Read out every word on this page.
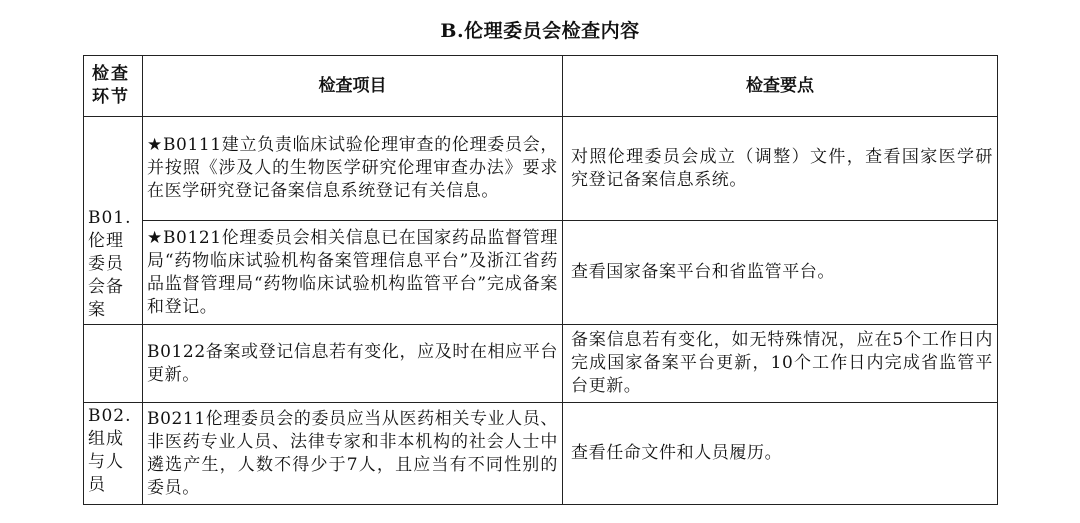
B.伦理委员会检查内容
检查环节	检查项目	检查要点
B01.伦理委员会备案	★B0111建立负责临床试验伦理审查的伦理委员会，并按照《涉及人的生物医学研究伦理审查办法》要求在医学研究登记备案信息系统登记有关信息。	对照伦理委员会成立（调整）文件，查看国家医学研究登记备案信息系统。
	★B0121伦理委员会相关信息已在国家药品监督管理局“药物临床试验机构备案管理信息平台”及浙江省药品监督管理局“药物临床试验机构监管平台”完成备案和登记。	查看国家备案平台和省监管平台。
	B0122备案或登记信息若有变化，应及时在相应平台更新。	备案信息若有变化，如无特殊情况，应在5个工作日内完成国家备案平台更新，10个工作日内完成省监管平台更新。
B02.组成与人员	B0211伦理委员会的委员应当从医药相关专业人员、非医药专业人员、法律专家和非本机构的社会人士中遴选产生，人数不得少于7人，且应当有不同性别的委员。	查看任命文件和人员履历。
